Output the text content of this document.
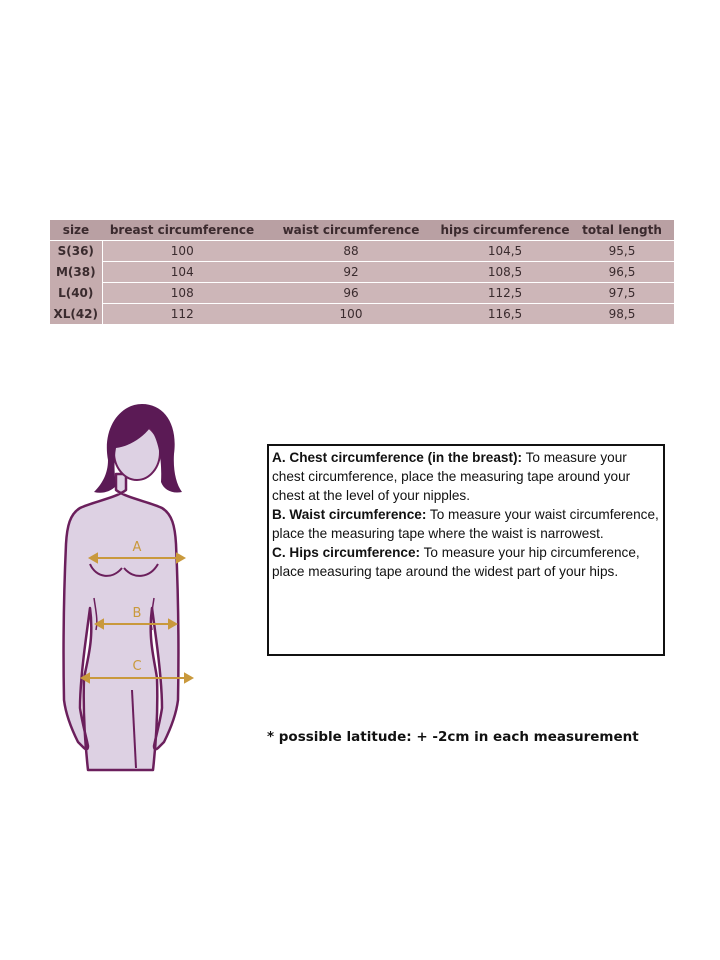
size	breast circumference	waist circumference	hips circumference	total length
S(36)	100	88	104,5	95,5
M(38)	104	92	108,5	96,5
L(40)	108	96	112,5	97,5
XL(42)	112	100	116,5	98,5
A
B
C

A. Chest circumference (in the breast): To measure your chest circumference, place the measuring tape around your chest at the level of your nipples.

B. Waist circumference: To measure your waist circumference, place the measuring tape where the waist is narrowest.

C. Hips circumference: To measure your hip circumference, place measuring tape around the widest part of your hips.

* possible latitude: + -2cm in each measurement
